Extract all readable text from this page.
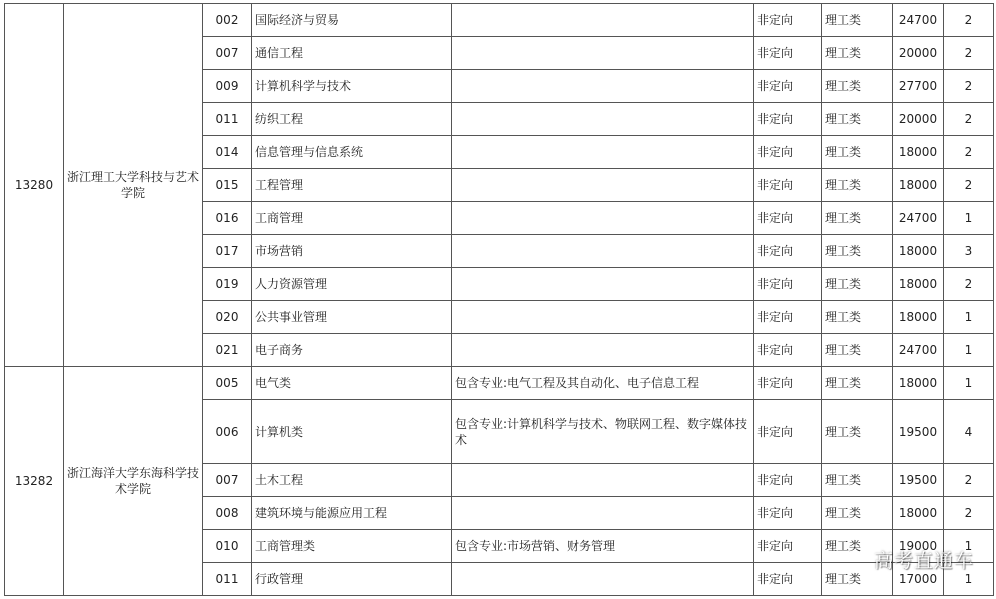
13280	浙江理工大学科技与艺术学院	002	国际经济与贸易		非定向	理工类	24700	2
		007	通信工程		非定向	理工类	20000	2
		009	计算机科学与技术		非定向	理工类	27700	2
		011	纺织工程		非定向	理工类	20000	2
		014	信息管理与信息系统		非定向	理工类	18000	2
		015	工程管理		非定向	理工类	18000	2
		016	工商管理		非定向	理工类	24700	1
		017	市场营销		非定向	理工类	18000	3
		019	人力资源管理		非定向	理工类	18000	2
		020	公共事业管理		非定向	理工类	18000	1
		021	电子商务		非定向	理工类	24700	1
13282	浙江海洋大学东海科学技术学院	005	电气类	包含专业:电气工程及其自动化、电子信息工程	非定向	理工类	18000	1
		006	计算机类	包含专业:计算机科学与技术、物联网工程、数字媒体技术	非定向	理工类	19500	4
		007	土木工程		非定向	理工类	19500	2
		008	建筑环境与能源应用工程		非定向	理工类	18000	2
		010	工商管理类	包含专业:市场营销、财务管理	非定向	理工类	19000	1
		011	行政管理		非定向	理工类	17000	1
高考直通车
